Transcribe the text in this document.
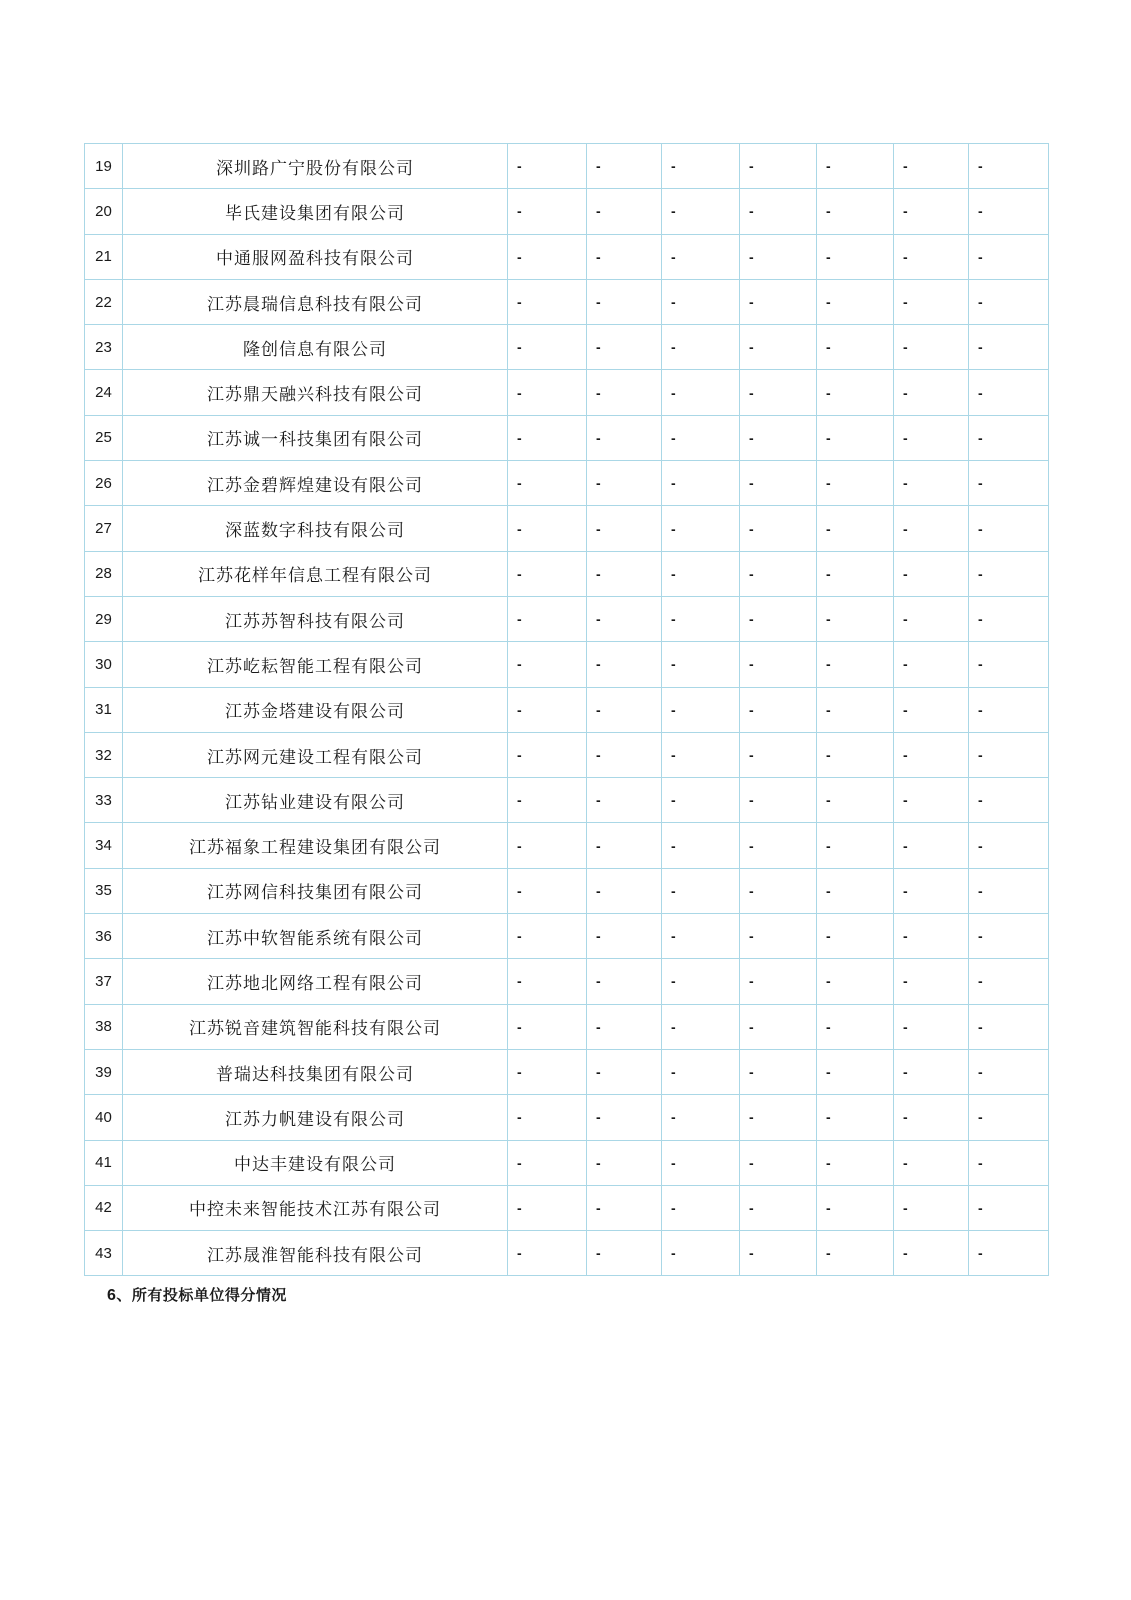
19	深圳路广宁股份有限公司	-	-	-	-	-	-	-
20	毕氏建设集团有限公司	-	-	-	-	-	-	-
21	中通服网盈科技有限公司	-	-	-	-	-	-	-
22	江苏晨瑞信息科技有限公司	-	-	-	-	-	-	-
23	隆创信息有限公司	-	-	-	-	-	-	-
24	江苏鼎天融兴科技有限公司	-	-	-	-	-	-	-
25	江苏诚一科技集团有限公司	-	-	-	-	-	-	-
26	江苏金碧辉煌建设有限公司	-	-	-	-	-	-	-
27	深蓝数字科技有限公司	-	-	-	-	-	-	-
28	江苏花样年信息工程有限公司	-	-	-	-	-	-	-
29	江苏苏智科技有限公司	-	-	-	-	-	-	-
30	江苏屹耘智能工程有限公司	-	-	-	-	-	-	-
31	江苏金塔建设有限公司	-	-	-	-	-	-	-
32	江苏网元建设工程有限公司	-	-	-	-	-	-	-
33	江苏钻业建设有限公司	-	-	-	-	-	-	-
34	江苏福象工程建设集团有限公司	-	-	-	-	-	-	-
35	江苏网信科技集团有限公司	-	-	-	-	-	-	-
36	江苏中软智能系统有限公司	-	-	-	-	-	-	-
37	江苏地北网络工程有限公司	-	-	-	-	-	-	-
38	江苏锐音建筑智能科技有限公司	-	-	-	-	-	-	-
39	普瑞达科技集团有限公司	-	-	-	-	-	-	-
40	江苏力帆建设有限公司	-	-	-	-	-	-	-
41	中达丰建设有限公司	-	-	-	-	-	-	-
42	中控未来智能技术江苏有限公司	-	-	-	-	-	-	-
43	江苏晟淮智能科技有限公司	-	-	-	-	-	-	-

6、所有投标单位得分情况
